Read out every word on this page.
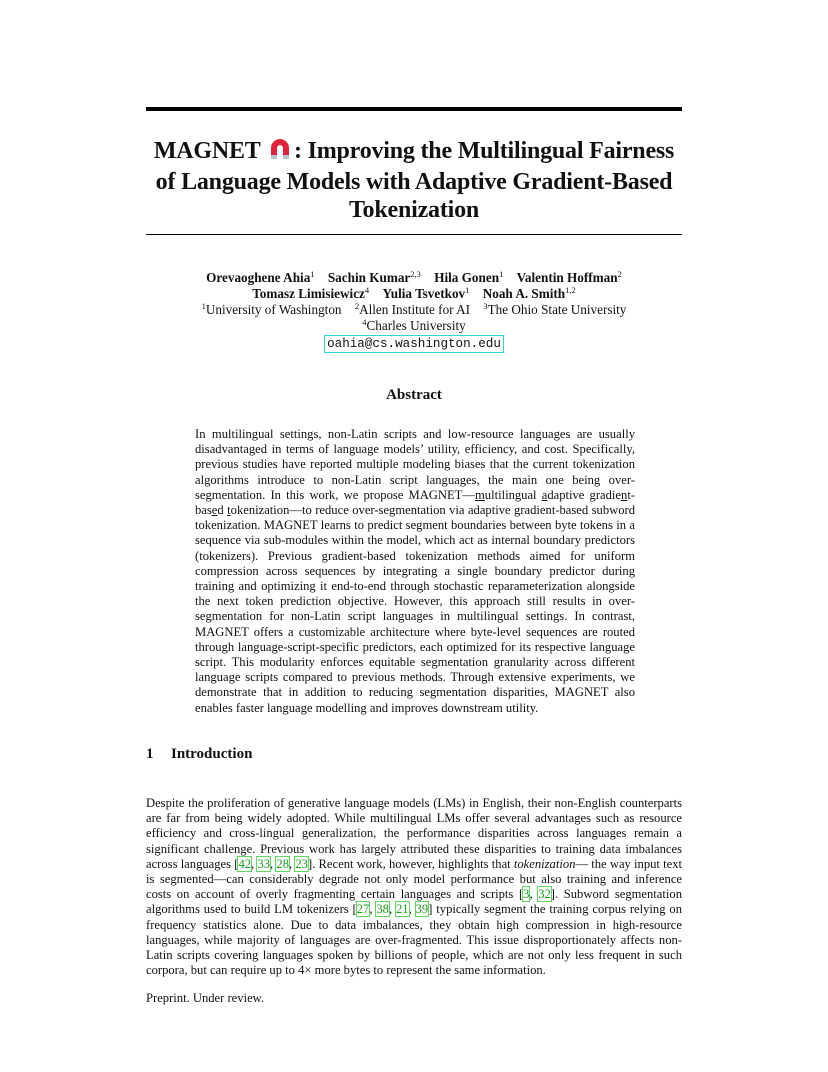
MAGNET : Improving the Multilingual Fairness of Language Models with Adaptive Gradient-Based Tokenization
Orevaoghene Ahia$^1$ Sachin Kumar$^{2,3}$ Hila Gonen$^1$ Valentin Hoffman$^2$
Tomasz Limisiewicz$^4$ Yulia Tsvetkov$^1$ Noah A. Smith$^{1,2}$
$^1$University of Washington $^2$Allen Institute for AI $^3$The Ohio State University
$^4$Charles University
oahia@cs.washington.edu
Abstract

In multilingual settings, non-Latin scripts and low-resource languages are usually disadvantaged in terms of language models’ utility, efficiency, and cost. Specifically, previous studies have reported multiple modeling biases that the current tokenization algorithms introduce to non-Latin script languages, the main one being over-segmentation. In this work, we propose MAGNET—multilingual adaptive gradient-based tokenization—to reduce over-segmentation via adaptive gradient-based subword tokenization. MAGNET learns to predict segment boundaries between byte tokens in a sequence via sub-modules within the model, which act as internal boundary predictors (tokenizers). Previous gradient-based tokenization methods aimed for uniform compression across sequences by integrating a single boundary predictor during training and optimizing it end-to-end through stochastic reparameterization alongside the next token prediction objective. However, this approach still results in over-segmentation for non-Latin script languages in multilingual settings. In contrast, MAGNET offers a customizable architecture where byte-level sequences are routed through language-script-specific predictors, each optimized for its respective language script. This modularity enforces equitable segmentation granularity across different language scripts compared to previous methods. Through extensive experiments, we demonstrate that in addition to reducing segmentation disparities, MAGNET also enables faster language modelling and improves downstream utility.

1 Introduction

Despite the proliferation of generative language models (LMs) in English, their non-English counterparts are far from being widely adopted. While multilingual LMs offer several advantages such as resource efficiency and cross-lingual generalization, the performance disparities across languages remain a significant challenge. Previous work has largely attributed these disparities to training data imbalances across languages [42, 33, 28, 23]. Recent work, however, highlights that tokenization— the way input text is segmented—can considerably degrade not only model performance but also training and inference costs on account of overly fragmenting certain languages and scripts [3, 32]. Subword segmentation algorithms used to build LM tokenizers [27, 38, 21, 39] typically segment the training corpus relying on frequency statistics alone. Due to data imbalances, they obtain high compression in high-resource languages, while majority of languages are over-fragmented. This issue disproportionately affects non-Latin scripts covering languages spoken by billions of people, which are not only less frequent in such corpora, but can require up to 4× more bytes to represent the same information.

Preprint. Under review.
